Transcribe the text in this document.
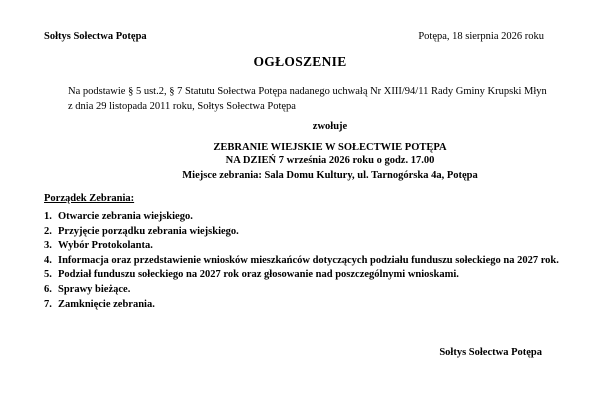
Sołtys Sołectwa Potępa	Potępa, 18 sierpnia 2026 roku
OGŁOSZENIE
Na podstawie § 5 ust.2, § 7 Statutu Sołectwa Potępa nadanego uchwałą Nr XIII/94/11 Rady Gminy Krupski Młyn z dnia 29 listopada 2011 roku, Sołtys Sołectwa Potępa
zwołuje
ZEBRANIE WIEJSKIE W SOŁECTWIE POTĘPA
NA DZIEŃ 7 września 2026 roku o godz. 17.00
Miejsce zebrania: Sala Domu Kultury, ul. Tarnogórska 4a, Potępa
Porządek Zebrania:
1. Otwarcie zebrania wiejskiego.
2. Przyjęcie porządku zebrania wiejskiego.
3. Wybór Protokolanta.
4. Informacja oraz przedstawienie wniosków mieszkańców dotyczących podziału funduszu sołeckiego na 2027 rok.
5. Podział funduszu sołeckiego na 2027 rok oraz głosowanie nad poszczególnymi wnioskami.
6. Sprawy bieżące.
7. Zamknięcie zebrania.
Sołtys Sołectwa Potępa
